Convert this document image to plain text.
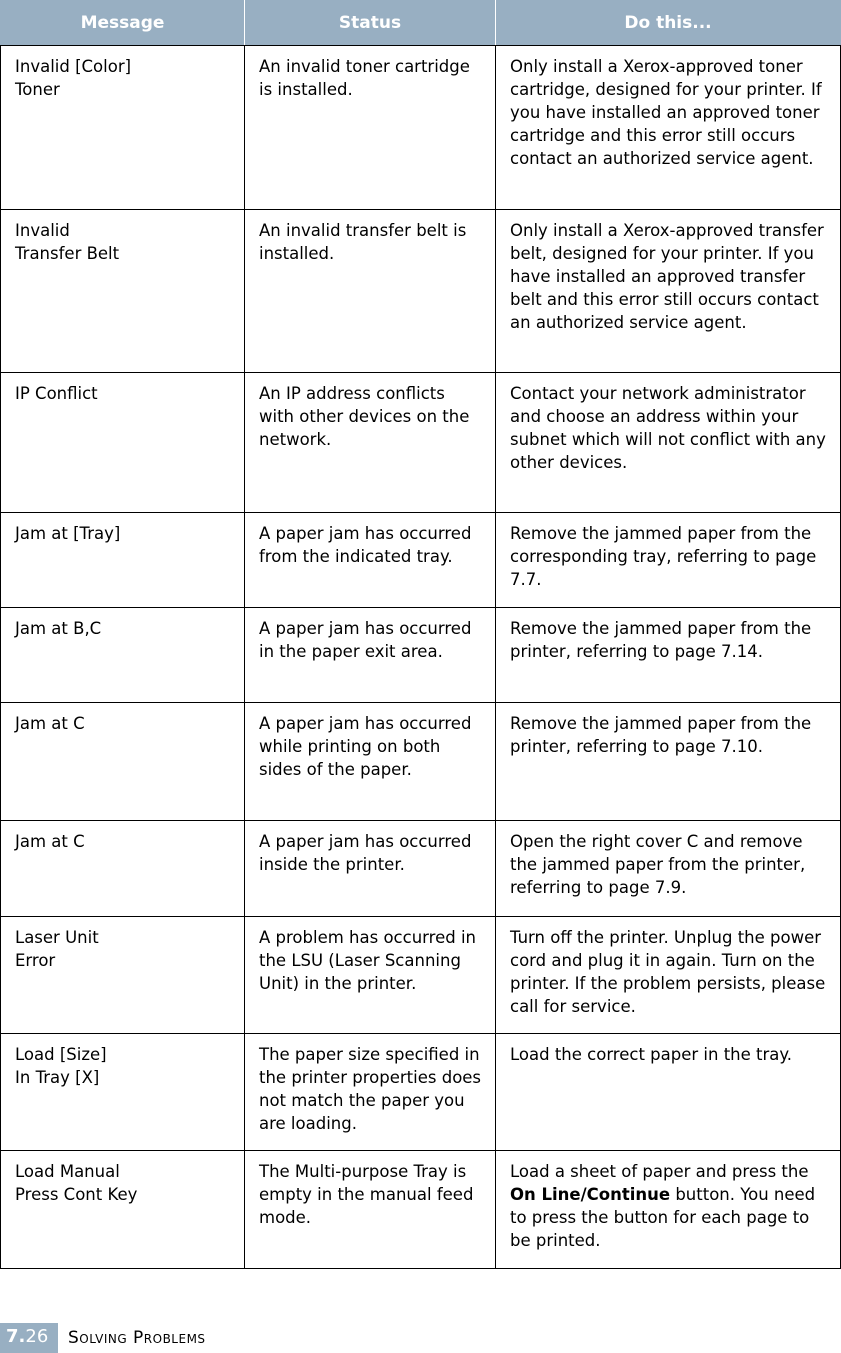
Message	Status	Do this...
Invalid [Color]
Toner	An invalid toner cartridge is installed.	Only install a Xerox-approved toner cartridge, designed for your printer. If you have installed an approved toner cartridge and this error still occurs contact an authorized service agent.
Invalid
Transfer Belt	An invalid transfer belt is installed.	Only install a Xerox-approved transfer belt, designed for your printer. If you have installed an approved transfer belt and this error still occurs contact an authorized service agent.
IP Conflict	An IP address conflicts with other devices on the network.	Contact your network administrator and choose an address within your subnet which will not conflict with any other devices.
Jam at [Tray]	A paper jam has occurred from the indicated tray.	Remove the jammed paper from the corresponding tray, referring to page 7.7.
Jam at B,C	A paper jam has occurred in the paper exit area.	Remove the jammed paper from the printer, referring to page 7.14.
Jam at C	A paper jam has occurred while printing on both sides of the paper.	Remove the jammed paper from the printer, referring to page 7.10.
Jam at C	A paper jam has occurred inside the printer.	Open the right cover C and remove the jammed paper from the printer, referring to page 7.9.
Laser Unit
Error	A problem has occurred in the LSU (Laser Scanning Unit) in the printer.	Turn off the printer. Unplug the power cord and plug it in again. Turn on the printer. If the problem persists, please call for service.
Load [Size]
In Tray [X]	The paper size specified in the printer properties does not match the paper you are loading.	Load the correct paper in the tray.
Load Manual
Press Cont Key	The Multi-purpose Tray is empty in the manual feed mode.	Load a sheet of paper and press the On Line/Continue button. You need to press the button for each page to be printed.
7.26	Solving Problems
